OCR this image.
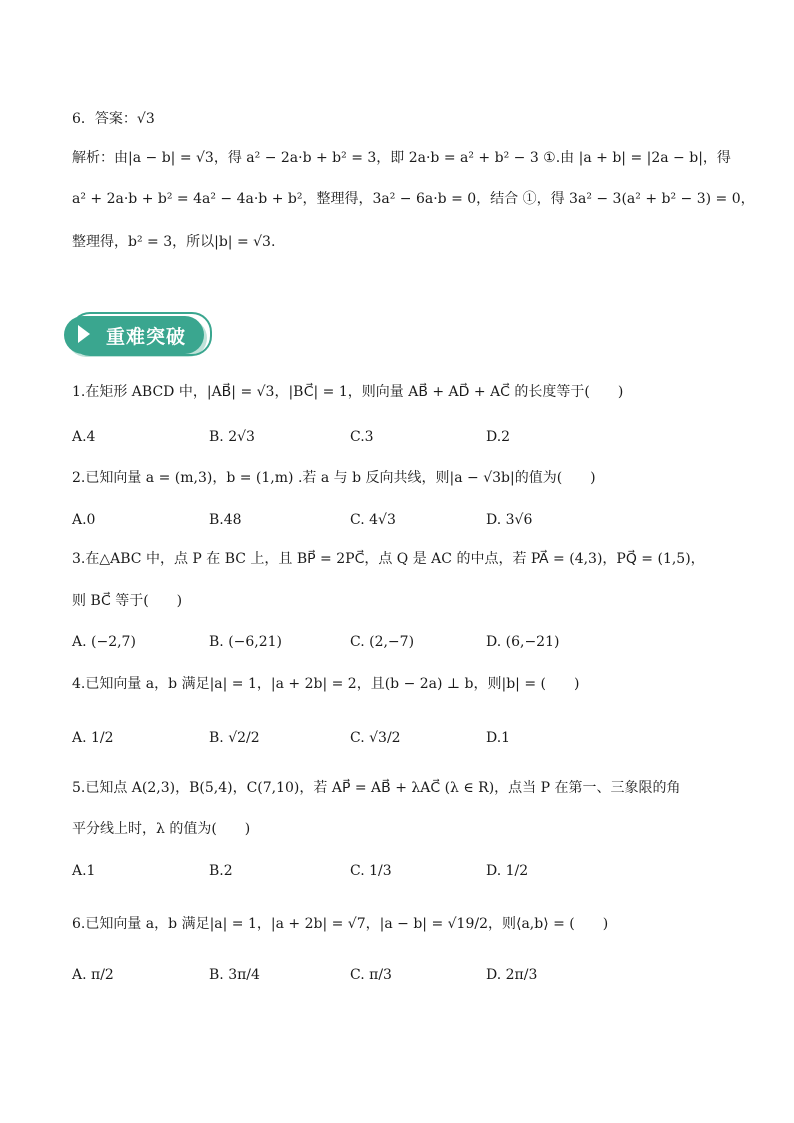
6．答案：√3
解析：由|a − b| = √3，得 a² − 2a·b + b² = 3，即 2a·b = a² + b² − 3 ①.由 |a + b| = |2a − b|，得
a² + 2a·b + b² = 4a² − 4a·b + b²，整理得，3a² − 6a·b = 0，结合 ①，得 3a² − 3(a² + b² − 3) = 0，
整理得，b² = 3，所以|b| = √3.
重难突破
1.在矩形 ABCD 中，|AB⃗| = √3，|BC⃗| = 1，则向量 AB⃗ + AD⃗ + AC⃗ 的长度等于(　　)
A.4	B. 2√3	C.3	D.2
2.已知向量 a = (m,3)，b = (1,m) .若 a 与 b 反向共线，则|a − √3b|的值为(　　)
A.0	B.48	C. 4√3	D. 3√6
3.在△ABC 中，点 P 在 BC 上，且 BP⃗ = 2PC⃗，点 Q 是 AC 的中点，若 PA⃗ = (4,3)，PQ⃗ = (1,5)，
则 BC⃗ 等于(　　)
A. (−2,7)	B. (−6,21)	C. (2,−7)	D. (6,−21)
4.已知向量 a，b 满足|a| = 1，|a + 2b| = 2，且(b − 2a) ⊥ b，则|b| = (　　)
A. 1/2	B. √2/2	C. √3/2	D.1
5.已知点 A(2,3)，B(5,4)，C(7,10)，若 AP⃗ = AB⃗ + λAC⃗ (λ ∈ R)，点当 P 在第一、三象限的角
平分线上时，λ 的值为(　　)
A.1	B.2	C. 1/3	D. 1/2
6.已知向量 a，b 满足|a| = 1，|a + 2b| = √7，|a − b| = √19/2，则⟨a,b⟩ = (　　)
A. π/2	B. 3π/4	C. π/3	D. 2π/3
